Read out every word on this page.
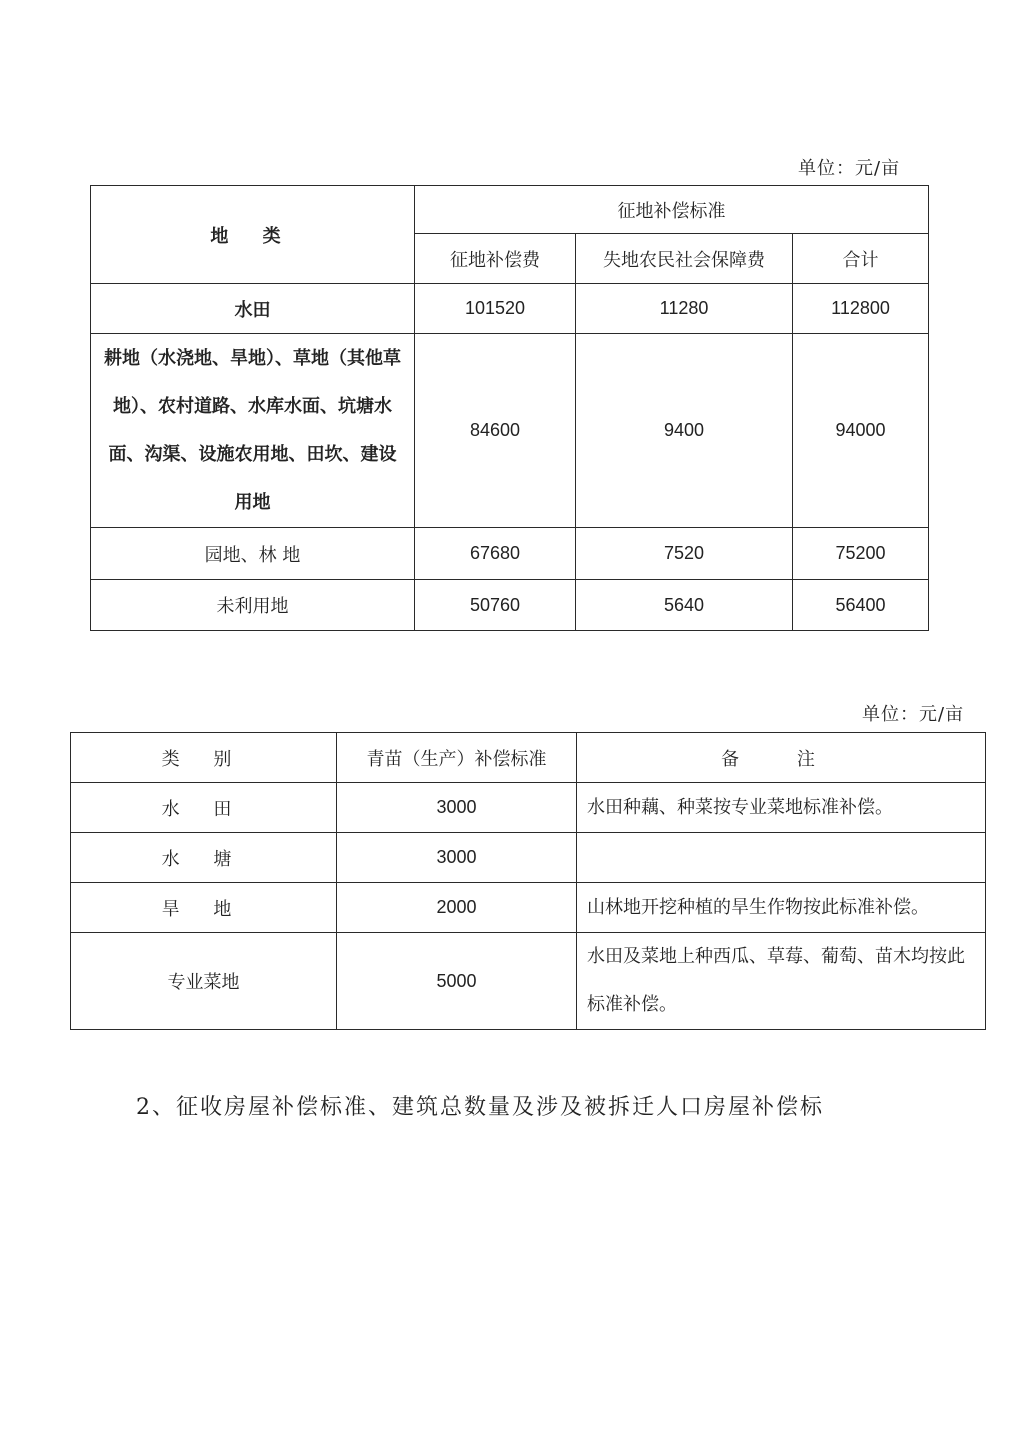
单位：元/亩
地 类	征地补偿标准		
	征地补偿费	失地农民社会保障费	合计
水田	101520	11280	112800

耕地（水浇地、旱地）、草地（其他草地）、农村道路、水库水面、坑塘水面、沟渠、设施农用地、田坎、建设用地	84600	9400	94000
园地、林 地	67680	7520	75200
未利用地	50760	5640	56400
单位：元/亩
类 别	青苗（生产）补偿标准	备 注
水 田	3000	水田种藕、种菜按专业菜地标准补偿。
水 塘	3000	
旱 地	2000	山林地开挖种植的旱生作物按此标准补偿。
专业菜地	5000	水田及菜地上种西瓜、草莓、葡萄、苗木均按此标准补偿。
2、征收房屋补偿标准、建筑总数量及涉及被拆迁人口房屋补偿标
